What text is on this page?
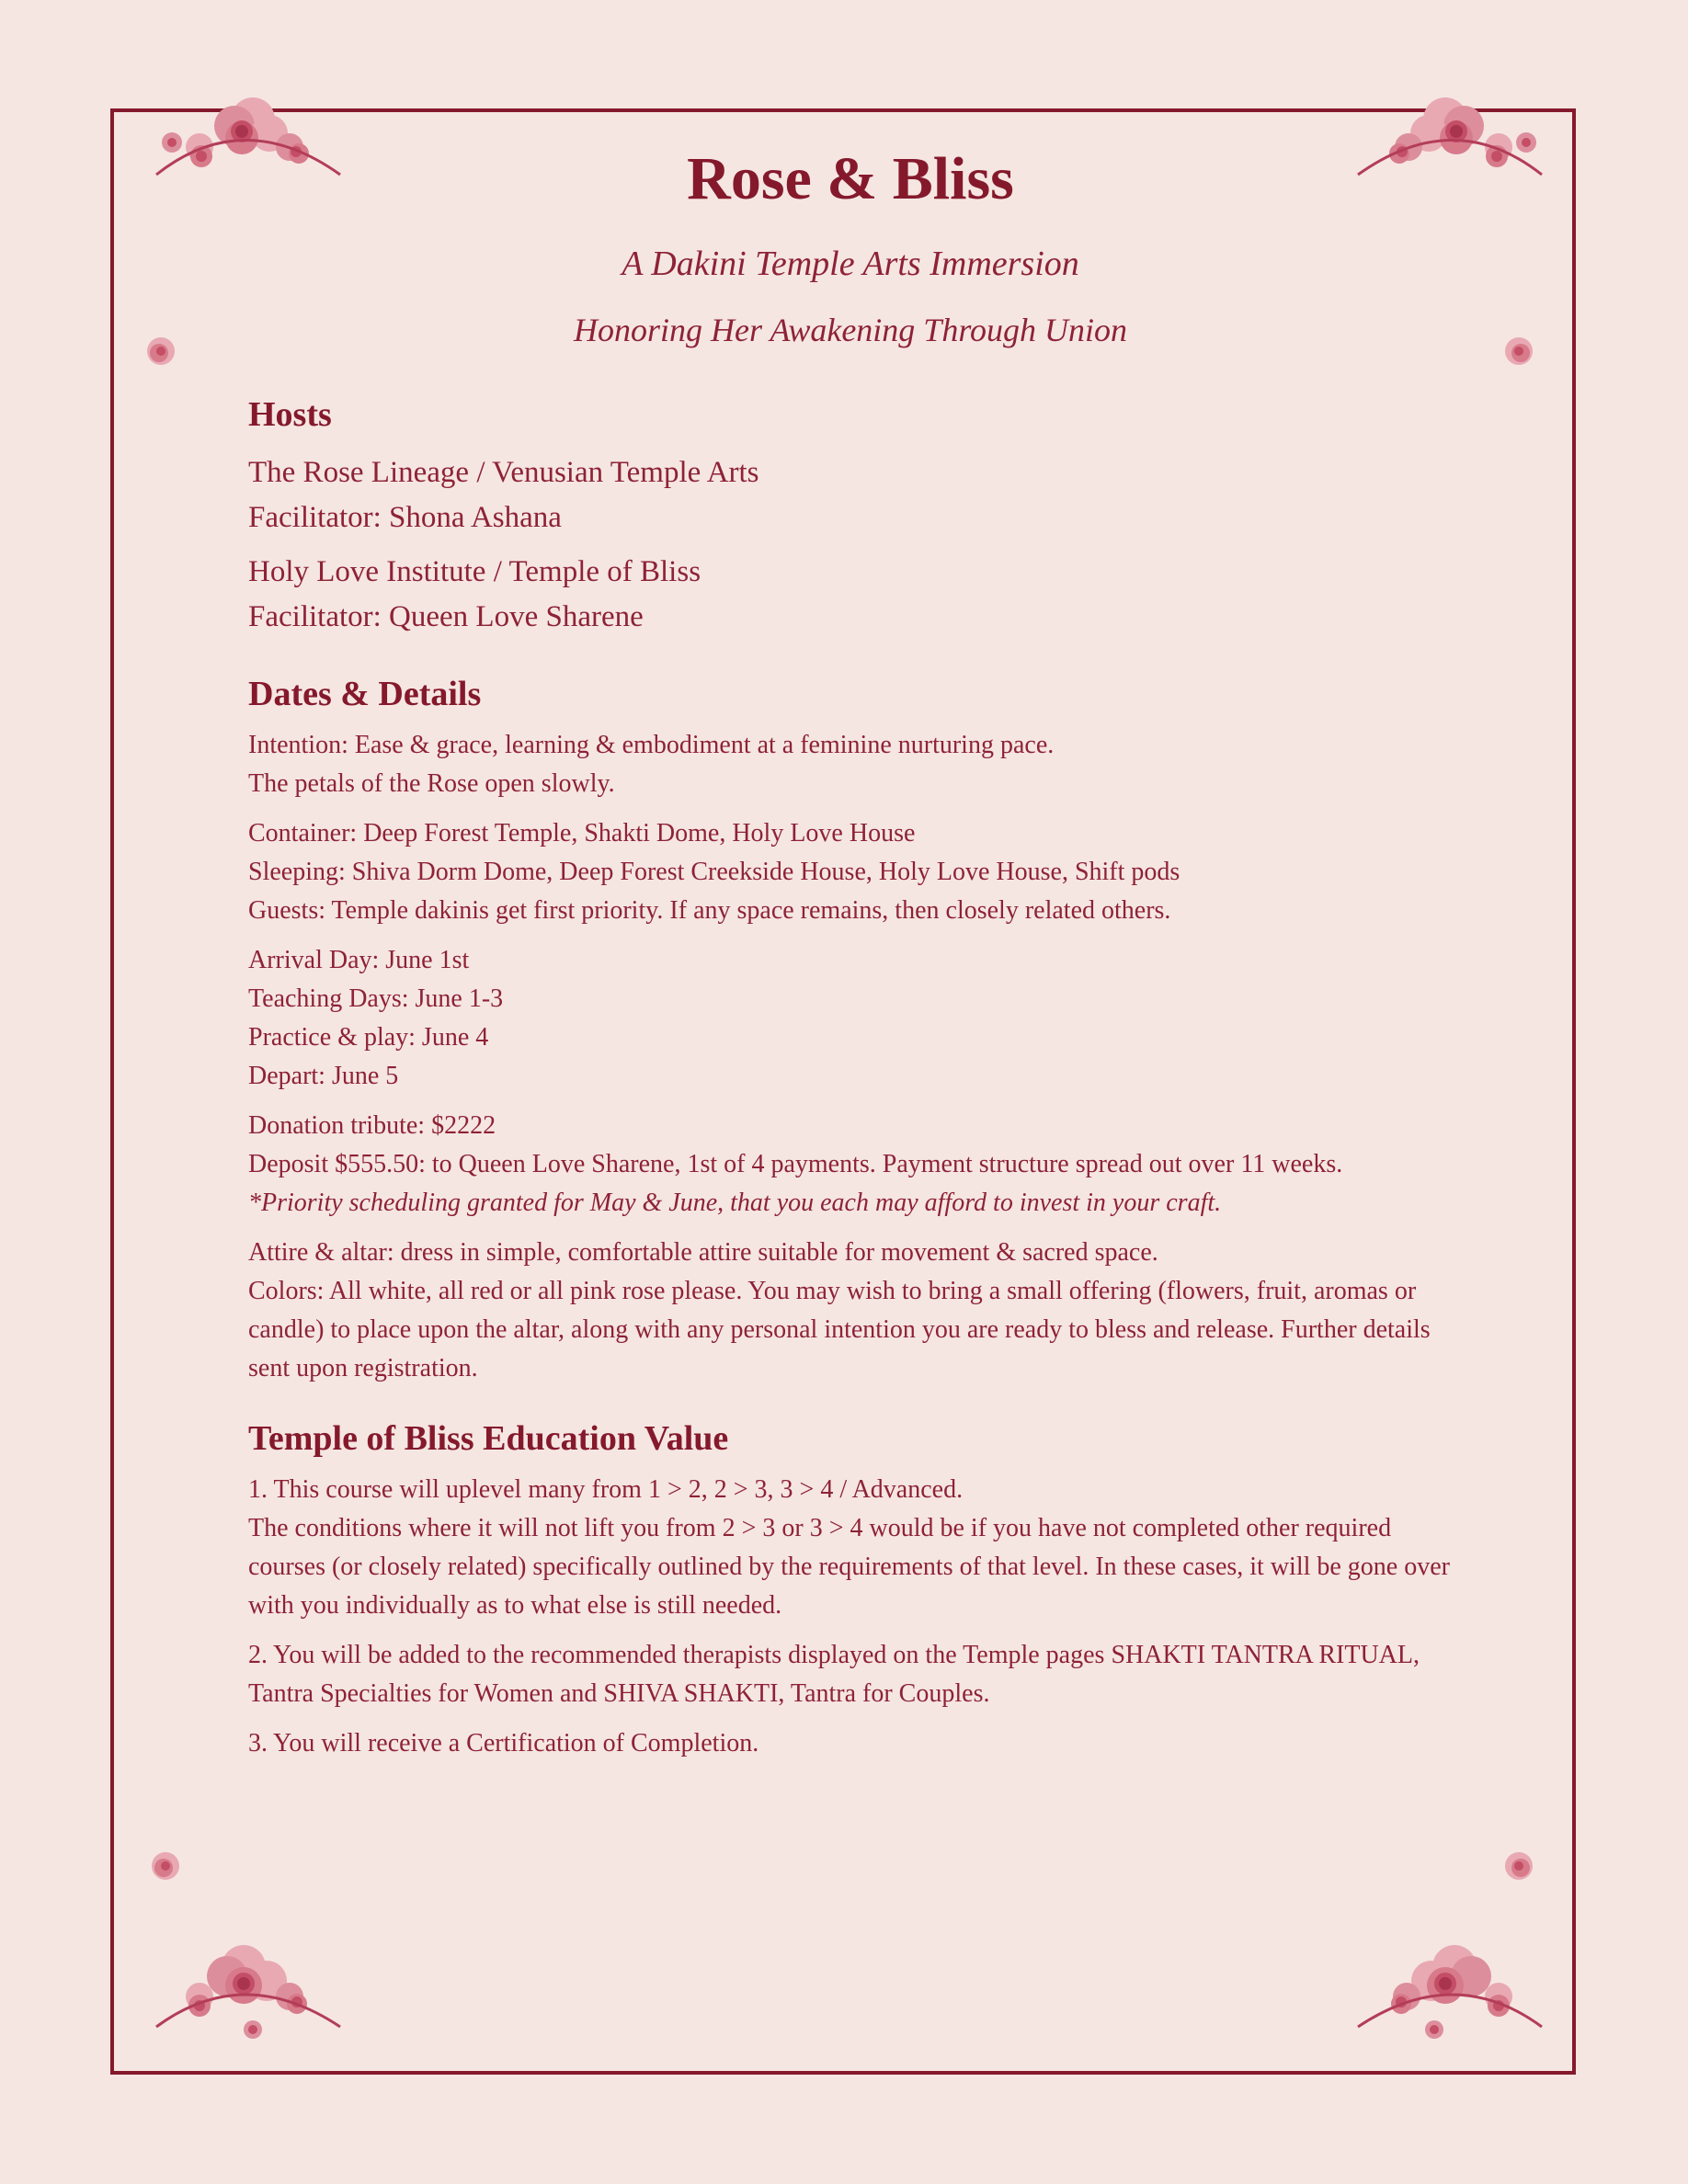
Rose & Bliss
A Dakini Temple Arts Immersion
Honoring Her Awakening Through Union
Hosts
The Rose Lineage / Venusian Temple Arts
Facilitator: Shona Ashana
Holy Love Institute / Temple of Bliss
Facilitator: Queen Love Sharene
Dates & Details
Intention: Ease & grace, learning & embodiment at a feminine nurturing pace.
The petals of the Rose open slowly.
Container: Deep Forest Temple, Shakti Dome, Holy Love House
Sleeping: Shiva Dorm Dome, Deep Forest Creekside House, Holy Love House, Shift pods
Guests: Temple dakinis get first priority. If any space remains, then closely related others.
Arrival Day: June 1st
Teaching Days: June 1-3
Practice & play: June 4
Depart: June 5
Donation tribute: $2222
Deposit $555.50: to Queen Love Sharene, 1st of 4 payments. Payment structure spread out over 11 weeks.
*Priority scheduling granted for May & June, that you each may afford to invest in your craft.
Attire & altar: dress in simple, comfortable attire suitable for movement & sacred space.
Colors: All white, all red or all pink rose please. You may wish to bring a small offering (flowers, fruit, aromas or candle) to place upon the altar, along with any personal intention you are ready to bless and release. Further details sent upon registration.
Temple of Bliss Education Value
1. This course will uplevel many from 1 > 2, 2 > 3, 3 > 4 / Advanced.
The conditions where it will not lift you from 2 > 3 or 3 > 4 would be if you have not completed other required courses (or closely related) specifically outlined by the requirements of that level. In these cases, it will be gone over with you individually as to what else is still needed.
2. You will be added to the recommended therapists displayed on the Temple pages SHAKTI TANTRA RITUAL, Tantra Specialties for Women and SHIVA SHAKTI, Tantra for Couples.
3. You will receive a Certification of Completion.
